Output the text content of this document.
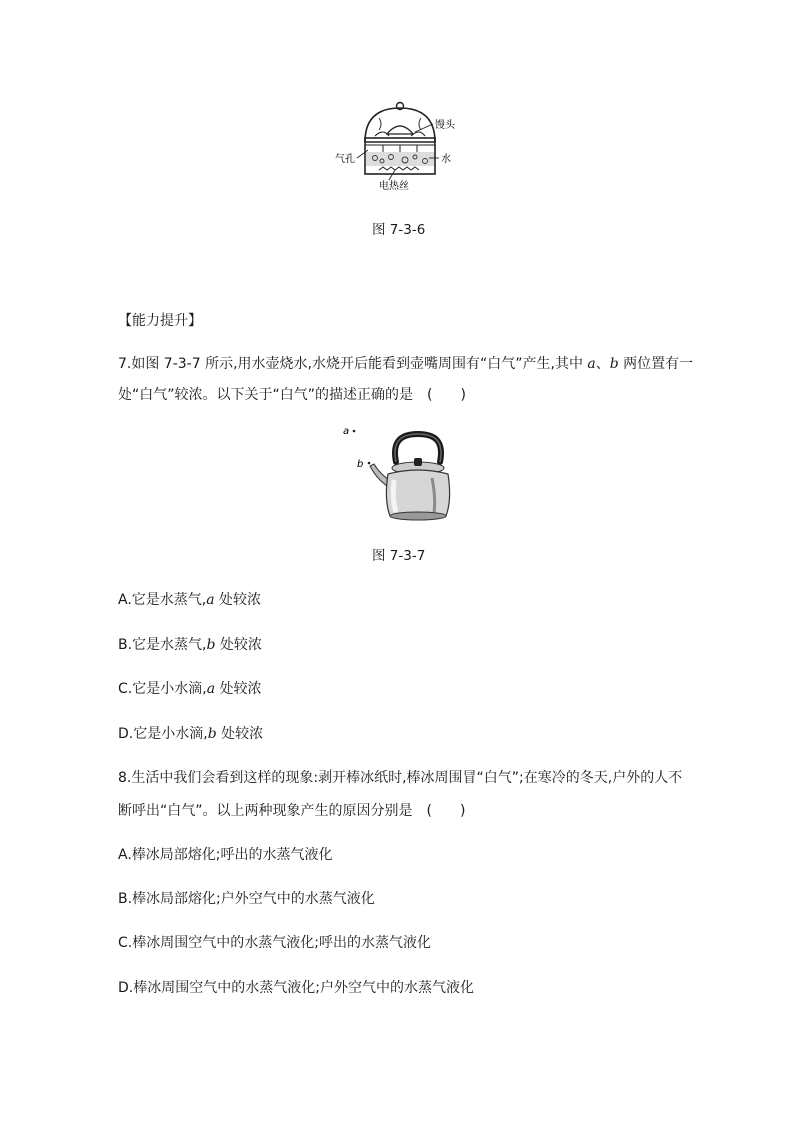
馒头
气孔	水
电热丝
图 7-3-6
【能力提升】
7.如图 7-3-7 所示,用水壶烧水,水烧开后能看到壶嘴周围有“白气”产生,其中 a、b 两位置有一
处“白气”较浓。以下关于“白气”的描述正确的是　(　　)
a
b
图 7-3-7
A.它是水蒸气,a 处较浓
B.它是水蒸气,b 处较浓
C.它是小水滴,a 处较浓
D.它是小水滴,b 处较浓
8.生活中我们会看到这样的现象:剥开棒冰纸时,棒冰周围冒“白气”;在寒冷的冬天,户外的人不
断呼出“白气”。以上两种现象产生的原因分别是　(　　)
A.棒冰局部熔化;呼出的水蒸气液化
B.棒冰局部熔化;户外空气中的水蒸气液化
C.棒冰周围空气中的水蒸气液化;呼出的水蒸气液化
D.棒冰周围空气中的水蒸气液化;户外空气中的水蒸气液化
